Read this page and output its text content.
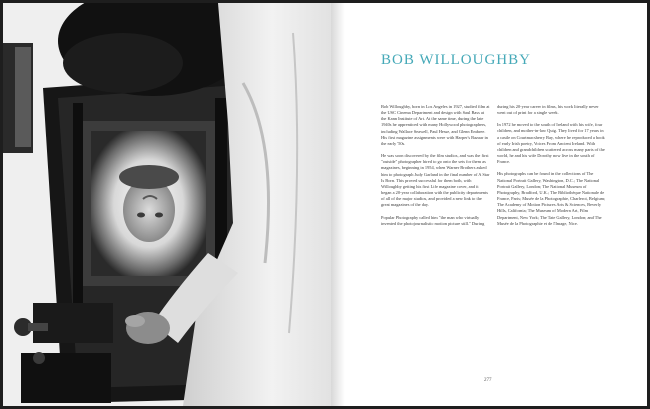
BOB WILLOUGHBY

Bob Willoughby, born in Los Angeles in 1927, studied film at the USC Cinema Department and design with Saul Bass at the Kann Institute of Art. At the same time, during the late 1940s he apprenticed with many Hollywood photographers, including Wallace Seawell, Paul Hesse, and Glenn Embree. His first magazine assignments were with Harper's Bazaar in the early '50s.

He was soon discovered by the film studios, and was the first "outside" photographer hired to go onto the sets for them as magazines, beginning in 1954, when Warner Brothers asked him to photograph Judy Garland in the final number of A Star Is Born. This proved successful for them both, with Willoughby getting his first Life magazine cover, and it began a 20-year collaboration with the publicity departments of all of the major studios, and provided a new link to the great magazines of the day.

Popular Photography called him "the man who virtually invented the photojournalistic motion picture still." During

during his 20-year career in films, his work literally never went out of print for a single week.

In 1972 he moved to the south of Ireland with his wife, four children, and mother-in-law Quig. They lived for 17 years in a castle on Courtmacsherry Bay, where he reproduced a book of early Irish poetry, Voices From Ancient Ireland. With children and grandchildren scattered across many parts of the world, he and his wife Dorothy now live in the south of France.

His photographs can be found in the collections of The National Portrait Gallery, Washington, D.C.; The National Portrait Gallery, London; The National Museum of Photography, Bradford, U.K.; The Bibliothèque Nationale de France, Paris; Musée de la Photographie, Charleroi, Belgium; The Academy of Motion Pictures Arts & Sciences, Beverly Hills, California; The Museum of Modern Art, Film Department, New York; The Tate Gallery, London; and The Musée de la Photographie et de l'Image, Nice.

277
